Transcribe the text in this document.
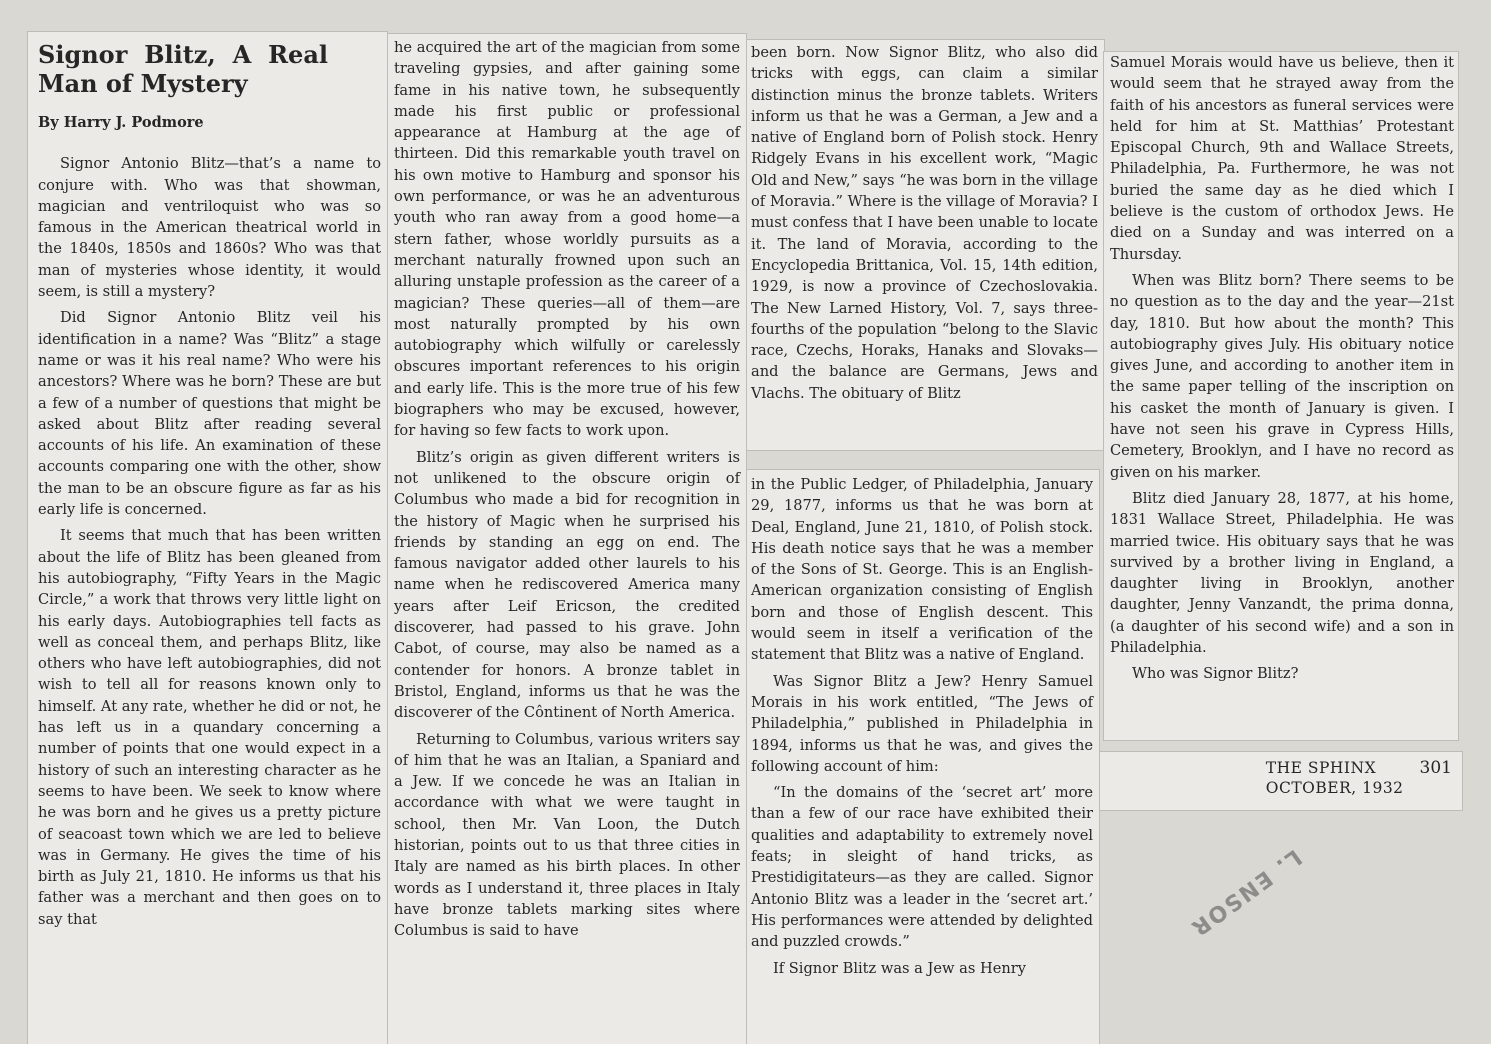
Signor Blitz, A Real Man of Mystery
By Harry J. Podmore

Signor Antonio Blitz—that’s a name to conjure with. Who was that showman, magician and ventriloquist who was so famous in the American theatrical world in the 1840s, 1850s and 1860s? Who was that man of mysteries whose identity, it would seem, is still a mystery?

Did Signor Antonio Blitz veil his identification in a name? Was “Blitz” a stage name or was it his real name? Who were his ancestors? Where was he born? These are but a few of a number of questions that might be asked about Blitz after reading several accounts of his life. An examination of these accounts comparing one with the other, show the man to be an obscure figure as far as his early life is concerned.

It seems that much that has been written about the life of Blitz has been gleaned from his autobiography, “Fifty Years in the Magic Circle,” a work that throws very little light on his early days. Autobiographies tell facts as well as conceal them, and perhaps Blitz, like others who have left autobiographies, did not wish to tell all for reasons known only to himself. At any rate, whether he did or not, he has left us in a quandary concerning a number of points that one would expect in a history of such an interesting character as he seems to have been. We seek to know where he was born and he gives us a pretty picture of seacoast town which we are led to believe was in Germany. He gives the time of his birth as July 21, 1810. He informs us that his father was a merchant and then goes on to say that

he acquired the art of the magician from some traveling gypsies, and after gaining some fame in his native town, he subsequently made his first public or professional appearance at Hamburg at the age of thirteen. Did this remarkable youth travel on his own motive to Hamburg and sponsor his own performance, or was he an adventurous youth who ran away from a good home—a stern father, whose worldly pursuits as a merchant naturally frowned upon such an alluring unstaple profession as the career of a magician? These queries—all of them—are most naturally prompted by his own autobiography which wilfully or carelessly obscures important references to his origin and early life. This is the more true of his few biographers who may be excused, however, for having so few facts to work upon.

Blitz’s origin as given different writers is not unlikened to the obscure origin of Columbus who made a bid for recognition in the history of Magic when he surprised his friends by standing an egg on end. The famous navigator added other laurels to his name when he rediscovered America many years after Leif Ericson, the credited discoverer, had passed to his grave. John Cabot, of course, may also be named as a contender for honors. A bronze tablet in Bristol, England, informs us that he was the discoverer of the Côntinent of North America.

Returning to Columbus, various writers say of him that he was an Italian, a Spaniard and a Jew. If we concede he was an Italian in accordance with what we were taught in school, then Mr. Van Loon, the Dutch historian, points out to us that three cities in Italy are named as his birth places. In other words as I understand it, three places in Italy have bronze tablets marking sites where Columbus is said to have

been born. Now Signor Blitz, who also did tricks with eggs, can claim a similar distinction minus the bronze tablets. Writers inform us that he was a German, a Jew and a native of England born of Polish stock. Henry Ridgely Evans in his excellent work, “Magic Old and New,” says “he was born in the village of Moravia.” Where is the village of Moravia? I must confess that I have been unable to locate it. The land of Moravia, according to the Encyclopedia Brittanica, Vol. 15, 14th edition, 1929, is now a province of Czechoslovakia. The New Larned History, Vol. 7, says three-fourths of the population “belong to the Slavic race, Czechs, Horaks, Hanaks and Slovaks—and the balance are Germans, Jews and Vlachs. The obituary of Blitz

in the Public Ledger, of Philadelphia, January 29, 1877, informs us that he was born at Deal, England, June 21, 1810, of Polish stock. His death notice says that he was a member of the Sons of St. George. This is an English-American organization consisting of English born and those of English descent. This would seem in itself a verification of the statement that Blitz was a native of England.

Was Signor Blitz a Jew? Henry Samuel Morais in his work entitled, “The Jews of Philadelphia,” published in Philadelphia in 1894, informs us that he was, and gives the following account of him:

“In the domains of the ‘secret art’ more than a few of our race have exhibited their qualities and adaptability to extremely novel feats; in sleight of hand tricks, as Prestidigitateurs—as they are called. Signor Antonio Blitz was a leader in the ‘secret art.’ His performances were attended by delighted and puzzled crowds.”

If Signor Blitz was a Jew as Henry

Samuel Morais would have us believe, then it would seem that he strayed away from the faith of his ancestors as funeral services were held for him at St. Matthias’ Protestant Episcopal Church, 9th and Wallace Streets, Philadelphia, Pa. Furthermore, he was not buried the same day as he died which I believe is the custom of orthodox Jews. He died on a Sunday and was interred on a Thursday.

When was Blitz born? There seems to be no question as to the day and the year—21st day, 1810. But how about the month? This autobiography gives July. His obituary notice gives June, and according to another item in the same paper telling of the inscription on his casket the month of January is given. I have not seen his grave in Cypress Hills, Cemetery, Brooklyn, and I have no record as given on his marker.

Blitz died January 28, 1877, at his home, 1831 Wallace Street, Philadelphia. He was married twice. His obituary says that he was survived by a brother living in England, a daughter living in Brooklyn, another daughter, Jenny Vanzandt, the prima donna, (a daughter of his second wife) and a son in Philadelphia.

Who was Signor Blitz?

THE SPHINX
OCTOBER, 1932
301
L. ENSOR
